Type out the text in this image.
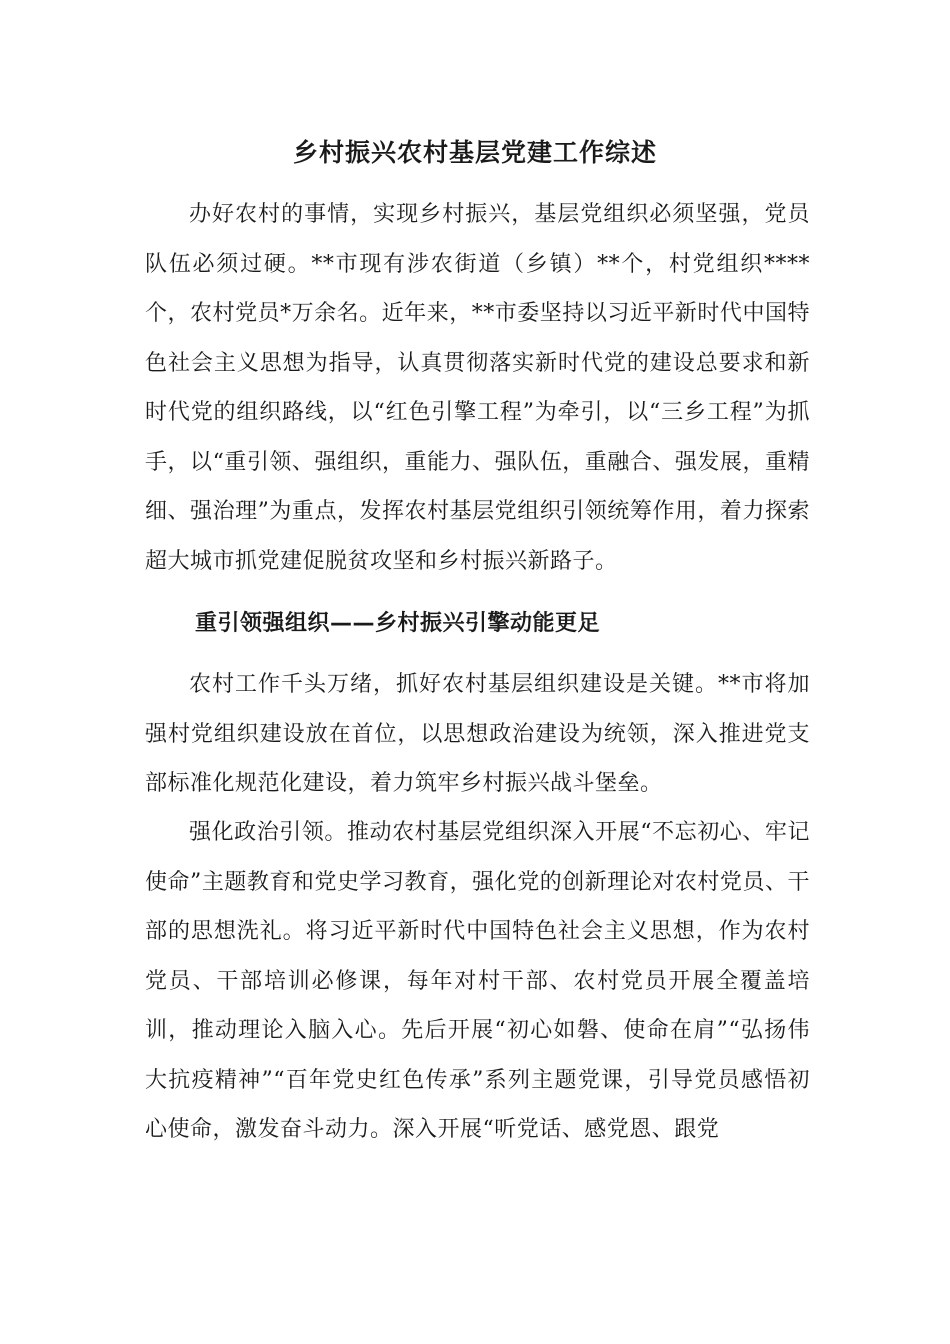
乡村振兴农村基层党建工作综述

办好农村的事情，实现乡村振兴，基层党组织必须坚强，党员队伍必须过硬。**市现有涉农街道（乡镇）**个，村党组织****个，农村党员*万余名。近年来，**市委坚持以习近平新时代中国特色社会主义思想为指导，认真贯彻落实新时代党的建设总要求和新时代党的组织路线，以“红色引擎工程”为牵引，以“三乡工程”为抓手，以“重引领、强组织，重能力、强队伍，重融合、强发展，重精细、强治理”为重点，发挥农村基层党组织引领统筹作用，着力探索超大城市抓党建促脱贫攻坚和乡村振兴新路子。

重引领强组织——乡村振兴引擎动能更足

农村工作千头万绪，抓好农村基层组织建设是关键。**市将加强村党组织建设放在首位，以思想政治建设为统领，深入推进党支部标准化规范化建设，着力筑牢乡村振兴战斗堡垒。

强化政治引领。推动农村基层党组织深入开展“不忘初心、牢记使命”主题教育和党史学习教育，强化党的创新理论对农村党员、干部的思想洗礼。将习近平新时代中国特色社会主义思想，作为农村党员、干部培训必修课，每年对村干部、农村党员开展全覆盖培训，推动理论入脑入心。先后开展“初心如磐、使命在肩”“弘扬伟大抗疫精神”“百年党史红色传承”系列主题党课，引导党员感悟初心使命，激发奋斗动力。深入开展“听党话、感党恩、跟党
